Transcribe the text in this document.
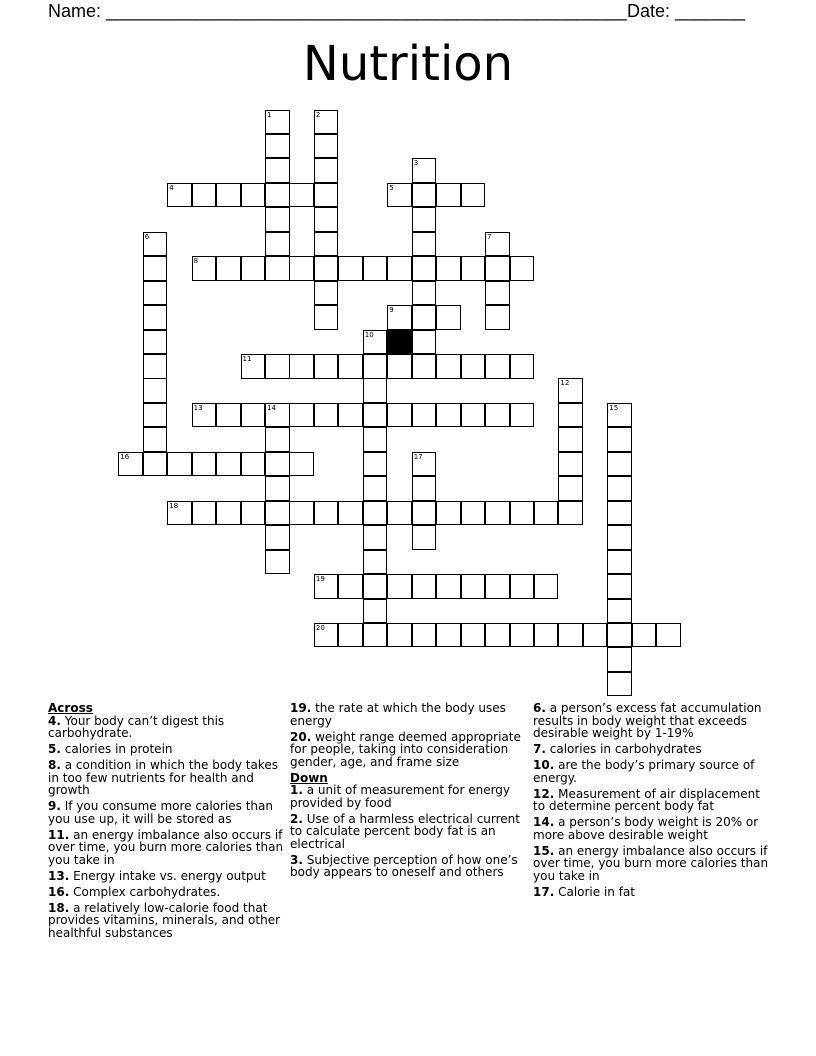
Name: ____________________________________________________ Date: _______
Nutrition
1	2
3
4	5
6	7
8
9
10
11
12
13	14	15
16	17
18
19
20
Across
4. Your body can’t digest this carbohydrate.
5. calories in protein
8. a condition in which the body takes in too few nutrients for health and growth
9. If you consume more calories than you use up, it will be stored as
11. an energy imbalance also occurs if over time, you burn more calories than you take in
13. Energy intake vs. energy output
16. Complex carbohydrates.
18. a relatively low-calorie food that provides vitamins, minerals, and other healthful substances
19. the rate at which the body uses energy
20. weight range deemed appropriate for people, taking into consideration gender, age, and frame size
Down
1. a unit of measurement for energy provided by food
2. Use of a harmless electrical current to calculate percent body fat is an electrical
3. Subjective perception of how one’s body appears to oneself and others
6. a person’s excess fat accumulation results in body weight that exceeds desirable weight by 1-19%
7. calories in carbohydrates
10. are the body’s primary source of energy.
12. Measurement of air displacement to determine percent body fat
14. a person’s body weight is 20% or more above desirable weight
15. an energy imbalance also occurs if over time, you burn more calories than you take in
17. Calorie in fat
